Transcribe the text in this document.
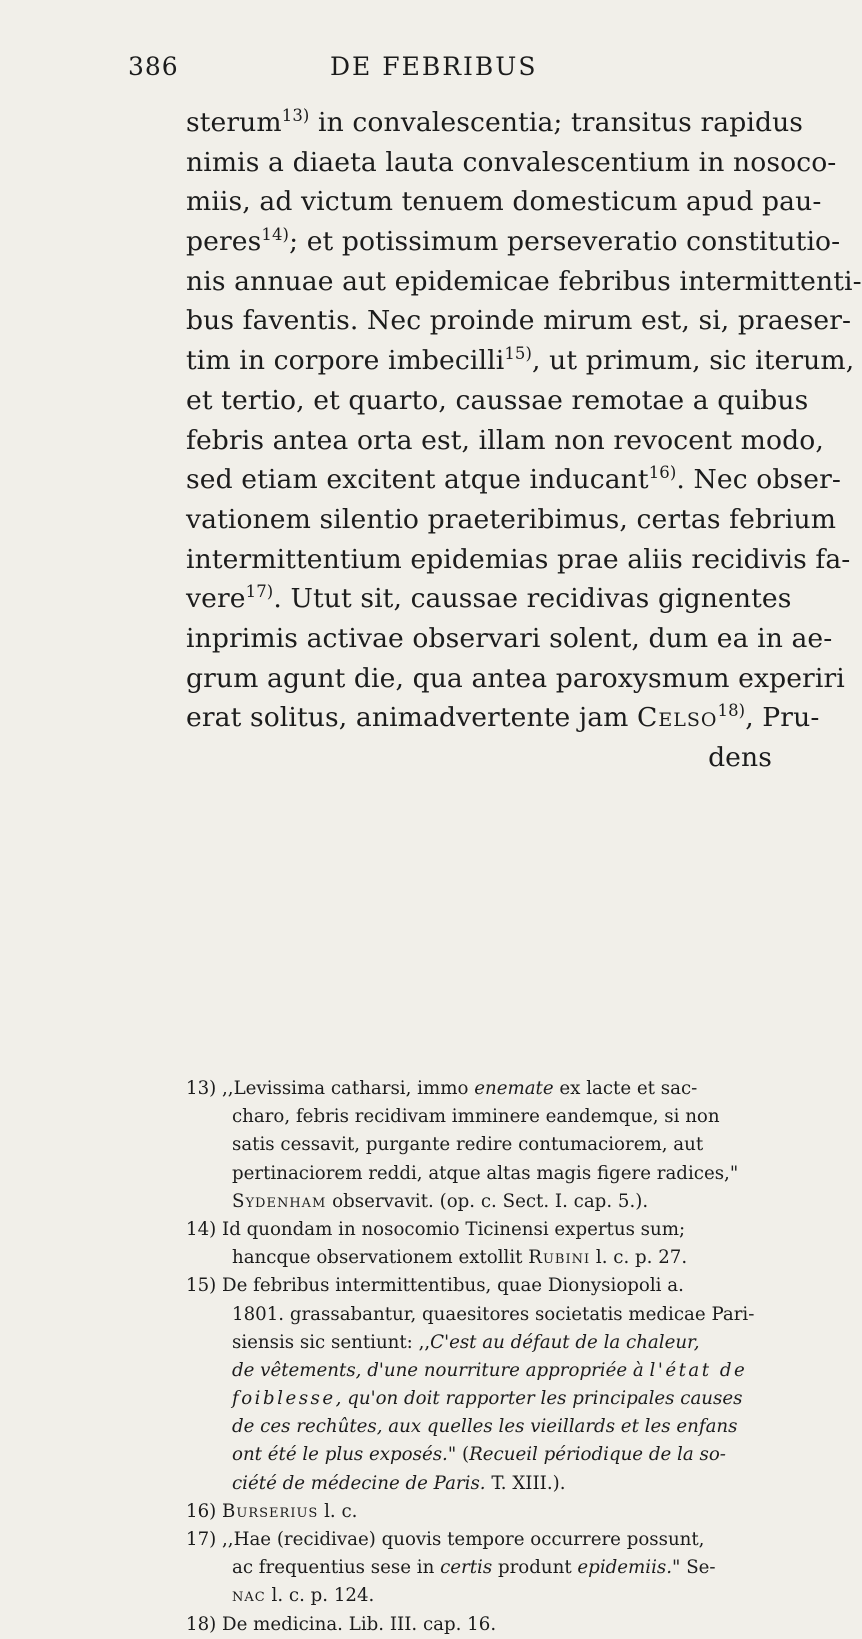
386	DE FEBRIBUS
sterum$^{13)}$ in convalescentia; transitus rapidus
nimis a diaeta lauta convalescentium in nosoco-
miis, ad victum tenuem domesticum apud pau-
peres$^{14)}$; et potissimum perseveratio constitutio-
nis annuae aut epidemicae febribus intermittenti-
bus faventis. Nec proinde mirum est, si, praeser-
tim in corpore imbecilli$^{15)}$, ut primum, sic iterum,
et tertio, et quarto, caussae remotae a quibus
febris antea orta est, illam non revocent modo,
sed etiam excitent atque inducant$^{16)}$. Nec obser-
vationem silentio praeteribimus, certas febrium
intermittentium epidemias prae aliis recidivis fa-
vere$^{17)}$. Utut sit, caussae recidivas gignentes
inprimis activae observari solent, dum ea in ae-
grum agunt die, qua antea paroxysmum experiri
erat solitus, animadvertente jam Celso$^{18)}$, Pru-
dens
13) ,,Levissima catharsi, immo enemate ex lacte et sac-
charo, febris recidivam imminere eandemque, si non
satis cessavit, purgante redire contumaciorem, aut
pertinaciorem reddi, atque altas magis figere radices,"
Sydenham observavit. (op. c. Sect. I. cap. 5.).
14) Id quondam in nosocomio Ticinensi expertus sum;
hancque observationem extollit Rubini l. c. p. 27.
15) De febribus intermittentibus, quae Dionysiopoli a.
1801. grassabantur, quaesitores societatis medicae Pari-
siensis sic sentiunt: ,,C'est au défaut de la chaleur,
de vêtements, d'une nourriture appropriée à l'état de
foiblesse, qu'on doit rapporter les principales causes
de ces rechûtes, aux quelles les vieillards et les enfans
ont été le plus exposés." (Recueil périodique de la so-
ciété de médecine de Paris. T. XIII.).
16) Burserius l. c.
17) ,,Hae (recidivae) quovis tempore occurrere possunt,
ac frequentius sese in certis produnt epidemiis." Se-
nac l. c. p. 124.
18) De medicina. Lib. III. cap. 16.
